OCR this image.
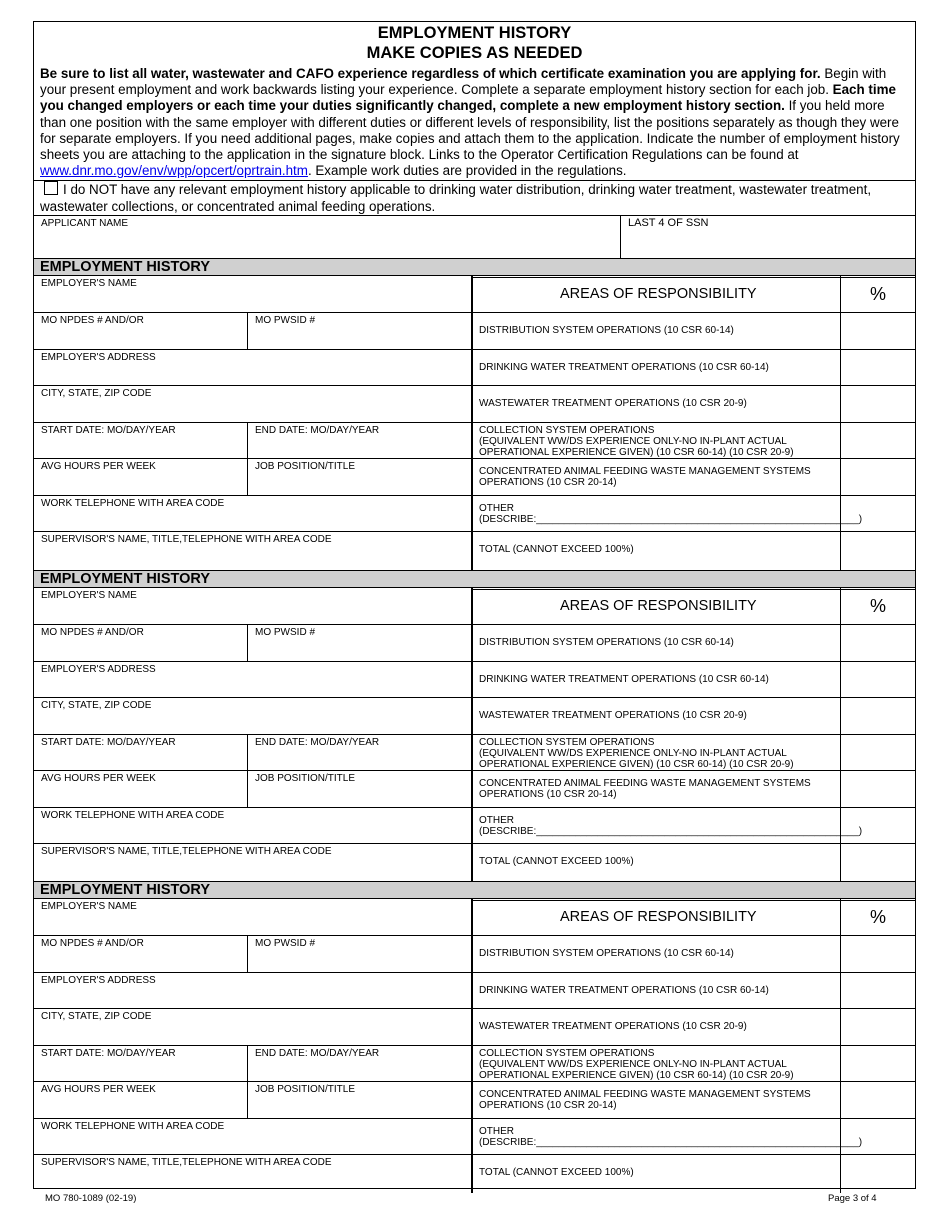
EMPLOYMENT HISTORY
MAKE COPIES AS NEEDED
Be sure to list all water, wastewater and CAFO experience regardless of which certificate examination you are applying for. Begin with your present employment and work backwards listing your experience. Complete a separate employment history section for each job. Each time you changed employers or each time your duties significantly changed, complete a new employment history section. If you held more than one position with the same employer with different duties or different levels of responsibility, list the positions separately as though they were for separate employers. If you need additional pages, make copies and attach them to the application. Indicate the number of employment history sheets you are attaching to the application in the signature block. Links to the Operator Certification Regulations can be found at www.dnr.mo.gov/env/wpp/opcert/oprtrain.htm. Example work duties are provided in the regulations.
I do NOT have any relevant employment history applicable to drinking water distribution, drinking water treatment, wastewater treatment, wastewater collections, or concentrated animal feeding operations.
APPLICANT NAME	LAST 4 OF SSN
EMPLOYMENT HISTORY
EMPLOYER'S NAME
MO NPDES # AND/OR	MO PWSID #
EMPLOYER'S ADDRESS
CITY, STATE, ZIP CODE
START DATE: MO/DAY/YEAR	END DATE: MO/DAY/YEAR
AVG HOURS PER WEEK	JOB POSITION/TITLE
WORK TELEPHONE WITH AREA CODE
SUPERVISOR'S NAME, TITLE,TELEPHONE WITH AREA CODE
AREAS OF RESPONSIBILITY	%
DISTRIBUTION SYSTEM OPERATIONS (10 CSR 60-14)
DRINKING WATER TREATMENT OPERATIONS (10 CSR 60-14)
WASTEWATER TREATMENT OPERATIONS (10 CSR 20-9)
COLLECTION SYSTEM OPERATIONS
(EQUIVALENT WW/DS EXPERIENCE ONLY-NO IN-PLANT ACTUAL
OPERATIONAL EXPERIENCE GIVEN) (10 CSR 60-14) (10 CSR 20-9)
CONCENTRATED ANIMAL FEEDING WASTE MANAGEMENT SYSTEMS
OPERATIONS (10 CSR 20-14)
OTHER
(DESCRIBE:__________________________________________________________)
TOTAL (CANNOT EXCEED 100%)
EMPLOYMENT HISTORY
EMPLOYER'S NAME
MO NPDES # AND/OR	MO PWSID #
EMPLOYER'S ADDRESS
CITY, STATE, ZIP CODE
START DATE: MO/DAY/YEAR	END DATE: MO/DAY/YEAR
AVG HOURS PER WEEK	JOB POSITION/TITLE
WORK TELEPHONE WITH AREA CODE
SUPERVISOR'S NAME, TITLE,TELEPHONE WITH AREA CODE
AREAS OF RESPONSIBILITY	%
DISTRIBUTION SYSTEM OPERATIONS (10 CSR 60-14)
DRINKING WATER TREATMENT OPERATIONS (10 CSR 60-14)
WASTEWATER TREATMENT OPERATIONS (10 CSR 20-9)
COLLECTION SYSTEM OPERATIONS
(EQUIVALENT WW/DS EXPERIENCE ONLY-NO IN-PLANT ACTUAL
OPERATIONAL EXPERIENCE GIVEN) (10 CSR 60-14) (10 CSR 20-9)
CONCENTRATED ANIMAL FEEDING WASTE MANAGEMENT SYSTEMS
OPERATIONS (10 CSR 20-14)
OTHER
(DESCRIBE:__________________________________________________________)
TOTAL (CANNOT EXCEED 100%)
EMPLOYMENT HISTORY
EMPLOYER'S NAME
MO NPDES # AND/OR	MO PWSID #
EMPLOYER'S ADDRESS
CITY, STATE, ZIP CODE
START DATE: MO/DAY/YEAR	END DATE: MO/DAY/YEAR
AVG HOURS PER WEEK	JOB POSITION/TITLE
WORK TELEPHONE WITH AREA CODE
SUPERVISOR'S NAME, TITLE,TELEPHONE WITH AREA CODE
AREAS OF RESPONSIBILITY	%
DISTRIBUTION SYSTEM OPERATIONS (10 CSR 60-14)
DRINKING WATER TREATMENT OPERATIONS (10 CSR 60-14)
WASTEWATER TREATMENT OPERATIONS (10 CSR 20-9)
COLLECTION SYSTEM OPERATIONS
(EQUIVALENT WW/DS EXPERIENCE ONLY-NO IN-PLANT ACTUAL
OPERATIONAL EXPERIENCE GIVEN) (10 CSR 60-14) (10 CSR 20-9)
CONCENTRATED ANIMAL FEEDING WASTE MANAGEMENT SYSTEMS
OPERATIONS (10 CSR 20-14)
OTHER
(DESCRIBE:__________________________________________________________)
TOTAL (CANNOT EXCEED 100%)
MO 780-1089 (02-19)	Page 3 of 4
